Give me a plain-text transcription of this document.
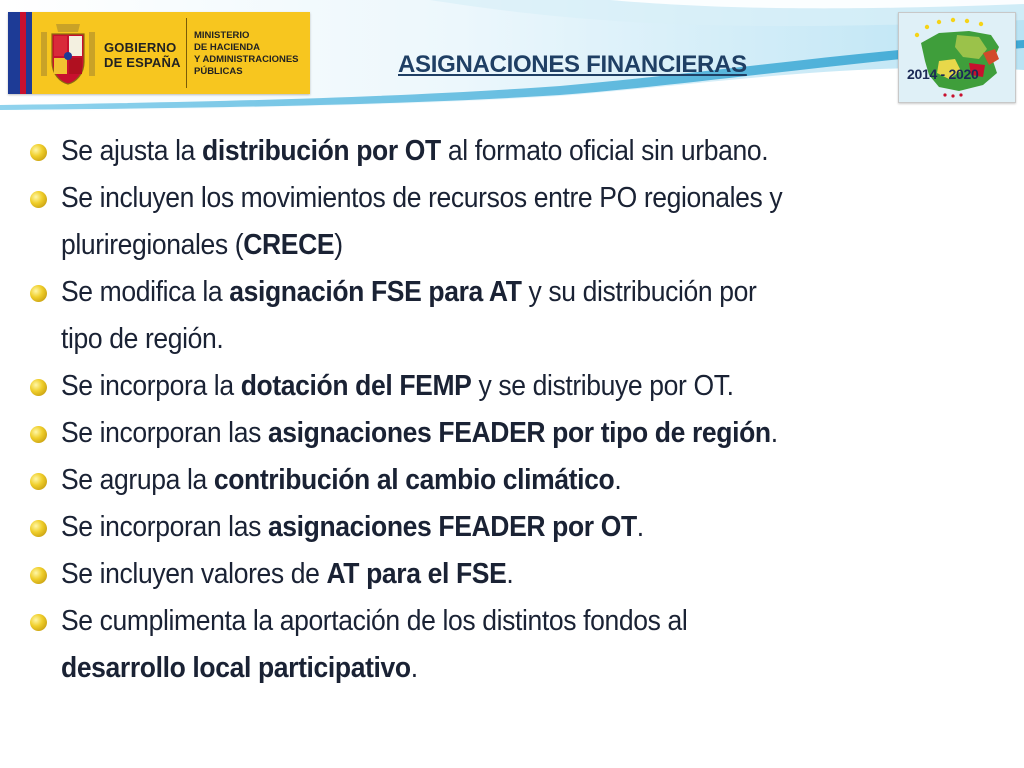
GOBIERNO
DE ESPAÑA
MINISTERIO
DE HACIENDA
Y ADMINISTRACIONES
PÚBLICAS	ASIGNACIONES FINANCIERAS	2014 - 2020
Se ajusta la distribución por OT al formato oficial sin urbano.
Se incluyen los movimientos de recursos entre PO regionales y
pluriregionales (CRECE)
Se modifica la asignación FSE para AT y su distribución por
tipo de región.
Se incorpora la dotación del FEMP y se distribuye por OT.
Se incorporan las asignaciones FEADER por tipo de región.
Se agrupa la contribución al cambio climático.
Se incorporan las asignaciones FEADER por OT.
Se incluyen valores de AT para el FSE.
Se cumplimenta la aportación de los distintos fondos al
desarrollo local participativo.
